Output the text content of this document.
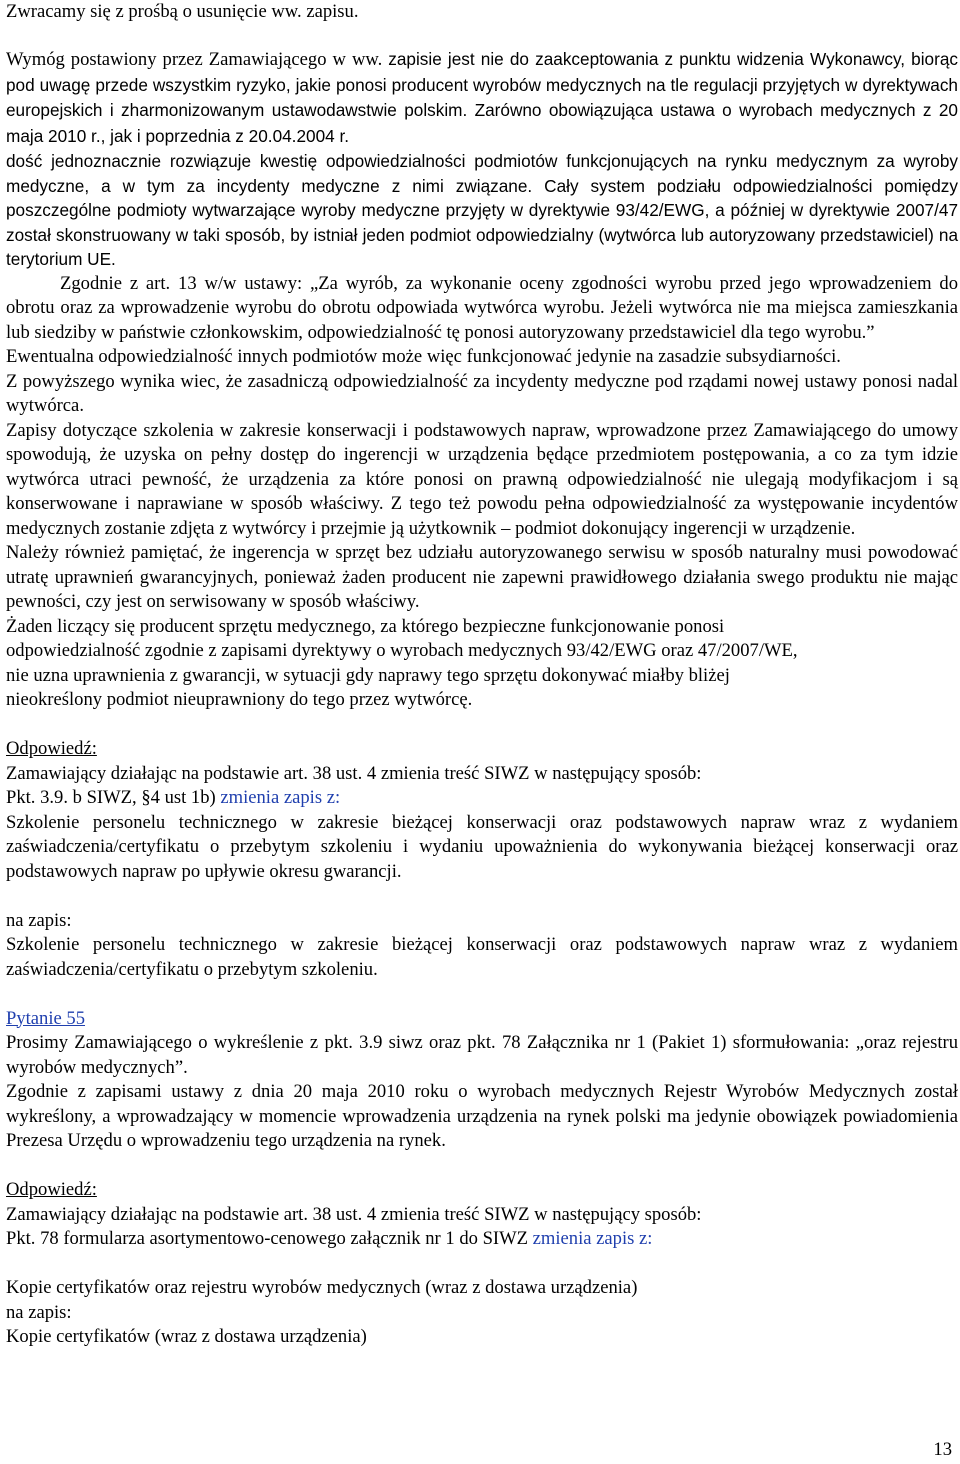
Zwracamy się z prośbą o usunięcie ww. zapisu.

Wymóg postawiony przez Zamawiającego w ww. zapisie jest nie do zaakceptowania z punktu widzenia Wykonawcy, biorąc pod uwagę przede wszystkim ryzyko, jakie ponosi producent wyrobów medycznych na tle regulacji przyjętych w dyrektywach europejskich i zharmonizowanym ustawodawstwie polskim. Zarówno obowiązująca ustawa o wyrobach medycznych z 20 maja 2010 r., jak i poprzednia z 20.04.2004 r.

dość jednoznacznie rozwiązuje kwestię odpowiedzialności podmiotów funkcjonujących na rynku medycznym za wyroby medyczne, a w tym za incydenty medyczne z nimi związane. Cały system podziału odpowiedzialności pomiędzy poszczególne podmioty wytwarzające wyroby medyczne przyjęty w dyrektywie 93/42/EWG, a później w dyrektywie 2007/47 został skonstruowany w taki sposób, by istniał jeden podmiot odpowiedzialny (wytwórca lub autoryzowany przedstawiciel) na terytorium UE.

Zgodnie z art. 13 w/w ustawy: „Za wyrób, za wykonanie oceny zgodności wyrobu przed jego wprowadzeniem do obrotu oraz za wprowadzenie wyrobu do obrotu odpowiada wytwórca wyrobu. Jeżeli wytwórca nie ma miejsca zamieszkania lub siedziby w państwie członkowskim, odpowiedzialność tę ponosi autoryzowany przedstawiciel dla tego wyrobu.”

Ewentualna odpowiedzialność innych podmiotów może więc funkcjonować jedynie na zasadzie subsydiarności.

Z powyższego wynika wiec, że zasadniczą odpowiedzialność za incydenty medyczne pod rządami nowej ustawy ponosi nadal wytwórca.

Zapisy dotyczące szkolenia w zakresie konserwacji i podstawowych napraw, wprowadzone przez Zamawiającego do umowy spowodują, że uzyska on pełny dostęp do ingerencji w urządzenia będące przedmiotem postępowania, a co za tym idzie wytwórca utraci pewność, że urządzenia za które ponosi on prawną odpowiedzialność nie ulegają modyfikacjom i są konserwowane i naprawiane w sposób właściwy. Z tego też powodu pełna odpowiedzialność za występowanie incydentów medycznych zostanie zdjęta z wytwórcy i przejmie ją użytkownik – podmiot dokonujący ingerencji w urządzenie.

Należy również pamiętać, że ingerencja w sprzęt bez udziału autoryzowanego serwisu w sposób naturalny musi powodować utratę uprawnień gwarancyjnych, ponieważ żaden producent nie zapewni prawidłowego działania swego produktu nie mając pewności, czy jest on serwisowany w sposób właściwy.

Żaden liczący się producent sprzętu medycznego, za którego bezpieczne funkcjonowanie ponosi

odpowiedzialność zgodnie z zapisami dyrektywy o wyrobach medycznych 93/42/EWG oraz 47/2007/WE,

nie uzna uprawnienia z gwarancji, w sytuacji gdy naprawy tego sprzętu dokonywać miałby bliżej

nieokreślony podmiot nieuprawniony do tego przez wytwórcę.

Odpowiedź:

Zamawiający działając na podstawie art. 38 ust. 4 zmienia treść SIWZ w następujący sposób:

Pkt. 3.9. b SIWZ, §4 ust 1b) zmienia zapis z:

Szkolenie personelu technicznego w zakresie bieżącej konserwacji oraz podstawowych napraw wraz z wydaniem zaświadczenia/certyfikatu o przebytym szkoleniu i wydaniu upoważnienia do wykonywania bieżącej konserwacji oraz podstawowych napraw po upływie okresu gwarancji.

na zapis:

Szkolenie personelu technicznego w zakresie bieżącej konserwacji oraz podstawowych napraw wraz z wydaniem zaświadczenia/certyfikatu o przebytym szkoleniu.

Pytanie 55

Prosimy Zamawiającego o wykreślenie z pkt. 3.9 siwz oraz pkt. 78 Załącznika nr 1 (Pakiet 1) sformułowania: „oraz rejestru wyrobów medycznych”.

Zgodnie z zapisami ustawy z dnia 20 maja 2010 roku o wyrobach medycznych Rejestr Wyrobów Medycznych został wykreślony, a wprowadzający w momencie wprowadzenia urządzenia na rynek polski ma jedynie obowiązek powiadomienia Prezesa Urzędu o wprowadzeniu tego urządzenia na rynek.

Odpowiedź:

Zamawiający działając na podstawie art. 38 ust. 4 zmienia treść SIWZ w następujący sposób:

Pkt. 78 formularza asortymentowo-cenowego załącznik nr 1 do SIWZ zmienia zapis z:

Kopie certyfikatów oraz rejestru wyrobów medycznych (wraz z dostawa urządzenia)

na zapis:

Kopie certyfikatów (wraz z dostawa urządzenia)

13
